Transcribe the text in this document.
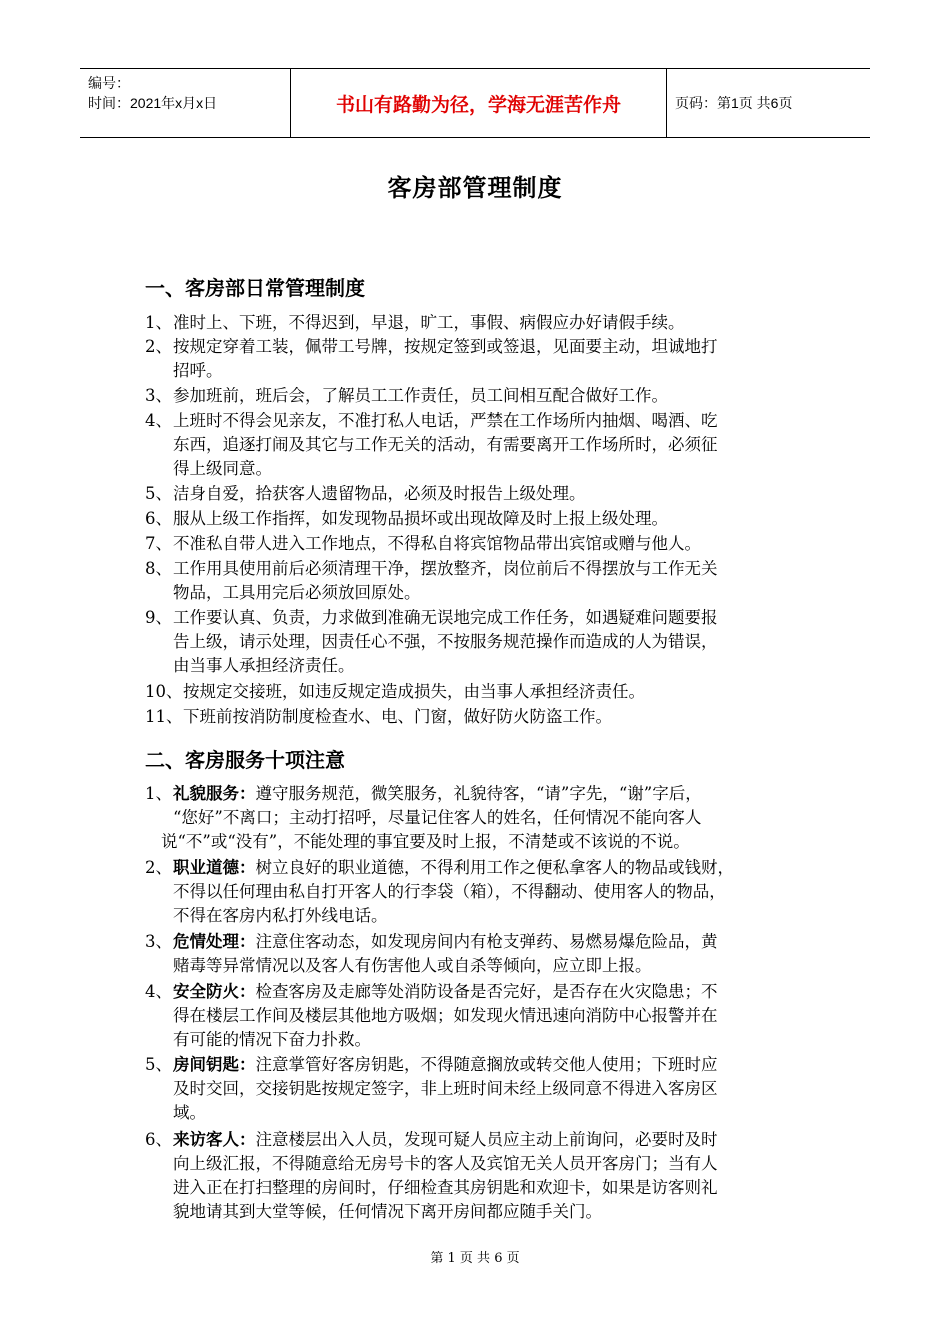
编号：
时间：2021年x月x日	书山有路勤为径，学海无涯苦作舟	页码：第1页 共6页
客房部管理制度
一、客房部日常管理制度
1、 准时上、下班，不得迟到，早退，旷工，事假、病假应办好请假手续。
2、 按规定穿着工装，佩带工号牌，按规定签到或签退，见面要主动，坦诚地打
招呼。
3、 参加班前，班后会，了解员工工作责任，员工间相互配合做好工作。
4、 上班时不得会见亲友，不准打私人电话，严禁在工作场所内抽烟、喝酒、吃
东西，追逐打闹及其它与工作无关的活动，有需要离开工作场所时，必须征
得上级同意。
5、 洁身自爱，拾获客人遗留物品，必须及时报告上级处理。
6、 服从上级工作指挥，如发现物品损坏或出现故障及时上报上级处理。
7、 不准私自带人进入工作地点，不得私自将宾馆物品带出宾馆或赠与他人。
8、 工作用具使用前后必须清理干净，摆放整齐，岗位前后不得摆放与工作无关
物品，工具用完后必须放回原处。
9、 工作要认真、负责，力求做到准确无误地完成工作任务，如遇疑难问题要报
告上级，请示处理，因责任心不强，不按服务规范操作而造成的人为错误，
由当事人承担经济责任。
10、 按规定交接班，如违反规定造成损失，由当事人承担经济责任。
11、 下班前按消防制度检查水、电、门窗，做好防火防盗工作。
二、客房服务十项注意
1、 礼貌服务：遵守服务规范，微笑服务，礼貌待客，“请”字先，“谢”字后，
“您好”不离口；主动打招呼，尽量记住客人的姓名，任何情况不能向客人
说“不”或“没有”，不能处理的事宜要及时上报，不清楚或不该说的不说。
2、 职业道德：树立良好的职业道德，不得利用工作之便私拿客人的物品或钱财，
不得以任何理由私自打开客人的行李袋（箱），不得翻动、使用客人的物品，
不得在客房内私打外线电话。
3、 危情处理：注意住客动态，如发现房间内有枪支弹药、易燃易爆危险品，黄
赌毒等异常情况以及客人有伤害他人或自杀等倾向，应立即上报。
4、 安全防火：检查客房及走廊等处消防设备是否完好，是否存在火灾隐患；不
得在楼层工作间及楼层其他地方吸烟；如发现火情迅速向消防中心报警并在
有可能的情况下奋力扑救。
5、 房间钥匙：注意掌管好客房钥匙，不得随意搁放或转交他人使用；下班时应
及时交回，交接钥匙按规定签字，非上班时间未经上级同意不得进入客房区
域。
6、 来访客人：注意楼层出入人员，发现可疑人员应主动上前询问，必要时及时
向上级汇报，不得随意给无房号卡的客人及宾馆无关人员开客房门；当有人
进入正在打扫整理的房间时，仔细检查其房钥匙和欢迎卡，如果是访客则礼
貌地请其到大堂等候，任何情况下离开房间都应随手关门。
第 1 页 共 6 页
